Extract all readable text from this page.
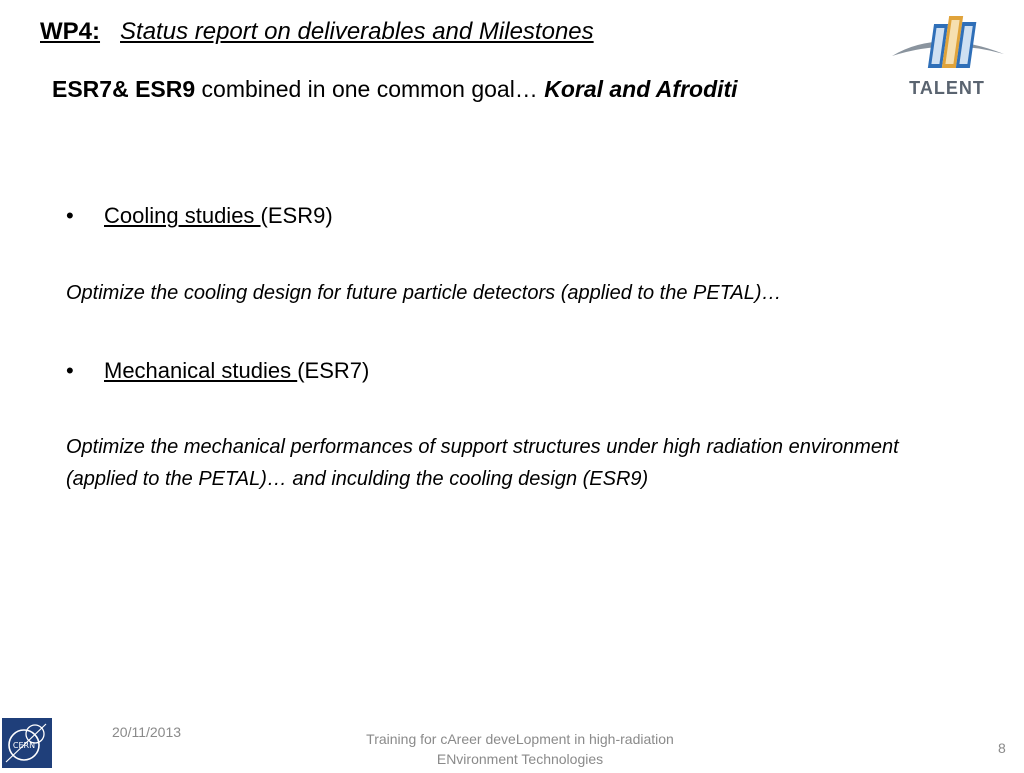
WP4: Status report on deliverables and Milestones
ESR7& ESR9 combined in one common goal… Koral and Afroditi	TALENT
• Cooling studies (ESR9)
Optimize the cooling design for future particle detectors (applied to the PETAL)…
• Mechanical studies (ESR7)
Optimize the mechanical performances of support structures under high radiation environment (applied to the PETAL)… and inculding the cooling design (ESR9)
CERN
20/11/2013	Training for cAreer deveLopment in high-radiation
ENvironment Technologies
8
